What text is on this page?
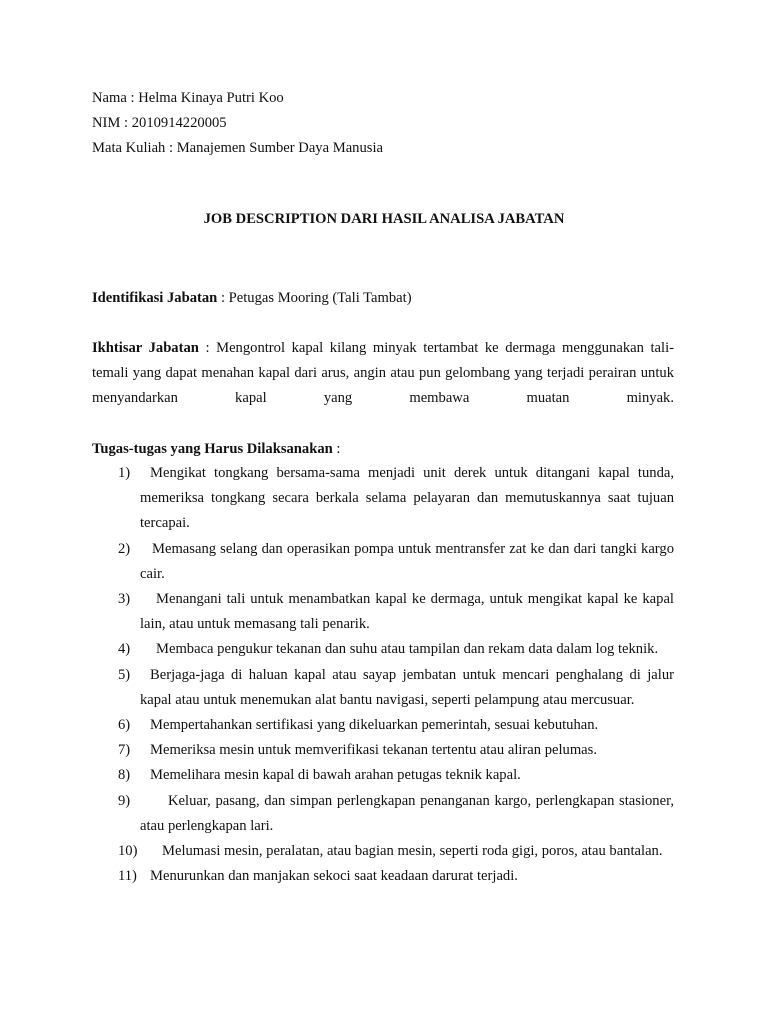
Nama : Helma Kinaya Putri Koo
NIM : 2010914220005
Mata Kuliah : Manajemen Sumber Daya Manusia
JOB DESCRIPTION DARI HASIL ANALISA JABATAN
Identifikasi Jabatan : Petugas Mooring (Tali Tambat)
Ikhtisar Jabatan : Mengontrol kapal kilang minyak tertambat ke dermaga menggunakan tali-temali yang dapat menahan kapal dari arus, angin atau pun gelombang yang terjadi perairan untuk menyandarkan kapal yang membawa muatan minyak.
Tugas-tugas yang Harus Dilaksanakan :
1)	Mengikat tongkang bersama-sama menjadi unit derek untuk ditangani kapal tunda, memeriksa tongkang secara berkala selama pelayaran dan memutuskannya saat tujuan tercapai.
2)	Memasang selang dan operasikan pompa untuk mentransfer zat ke dan dari tangki kargo cair.
3)	Menangani tali untuk menambatkan kapal ke dermaga, untuk mengikat kapal ke kapal lain, atau untuk memasang tali penarik.
4)	Membaca pengukur tekanan dan suhu atau tampilan dan rekam data dalam log teknik.
5)	Berjaga-jaga di haluan kapal atau sayap jembatan untuk mencari penghalang di jalur kapal atau untuk menemukan alat bantu navigasi, seperti pelampung atau mercusuar.
6)	Mempertahankan sertifikasi yang dikeluarkan pemerintah, sesuai kebutuhan.
7)	Memeriksa mesin untuk memverifikasi tekanan tertentu atau aliran pelumas.
8)	Memelihara mesin kapal di bawah arahan petugas teknik kapal.
9)	Keluar, pasang, dan simpan perlengkapan penanganan kargo, perlengkapan stasioner, atau perlengkapan lari.
10)	Melumasi mesin, peralatan, atau bagian mesin, seperti roda gigi, poros, atau bantalan.
11) Menurunkan dan manjakan sekoci saat keadaan darurat terjadi.
